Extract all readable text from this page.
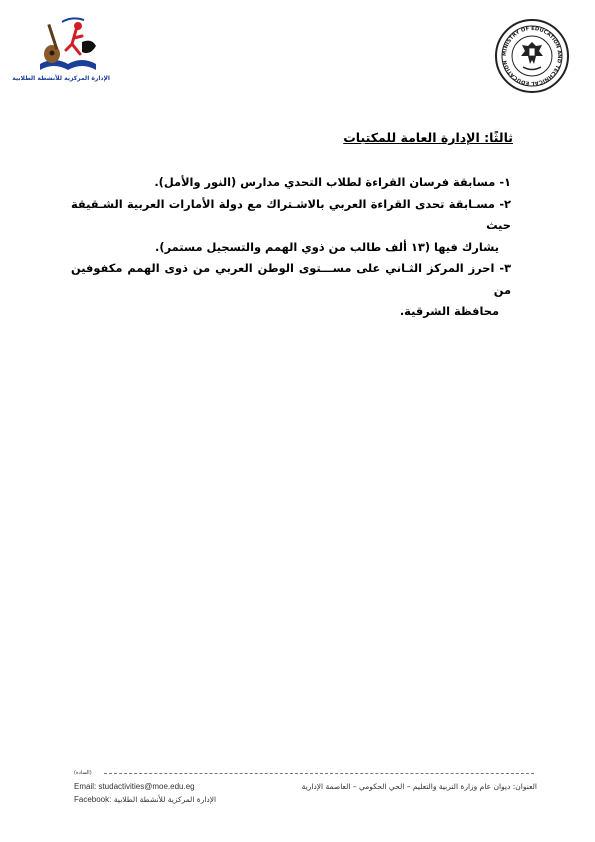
الإدارة المركزية للأنشطة الطلابية
MINISTRY OF EDUCATION AND TECHNICAL EDUCATION
ثالثًا: الإدارة العامة للمكتبات

١- مسابقة فرسان القراءة لطلاب التحدي مدارس (النور والأمل).

٢- مسـابقة تحدى القراءة العربي بالاشـتراك مع دولة الأمارات العربية الشـقيقة حيث
يشارك فيها (١٣ ألف طالب من ذوي الهمم والتسجيل مستمر).

٣- احرز المركز الثـاني على مســـتوى الوطن العربي من ذوى الهمم مكفوفين من
محافظة الشرقية.

(السادة)
Email: studactivities@moe.edu.eg	العنوان: ديوان عام وزارة التربية والتعليم – الحي الحكومي – العاصمة الإدارية
Facebook: الإدارة المركزية للأنشطة الطلابية
